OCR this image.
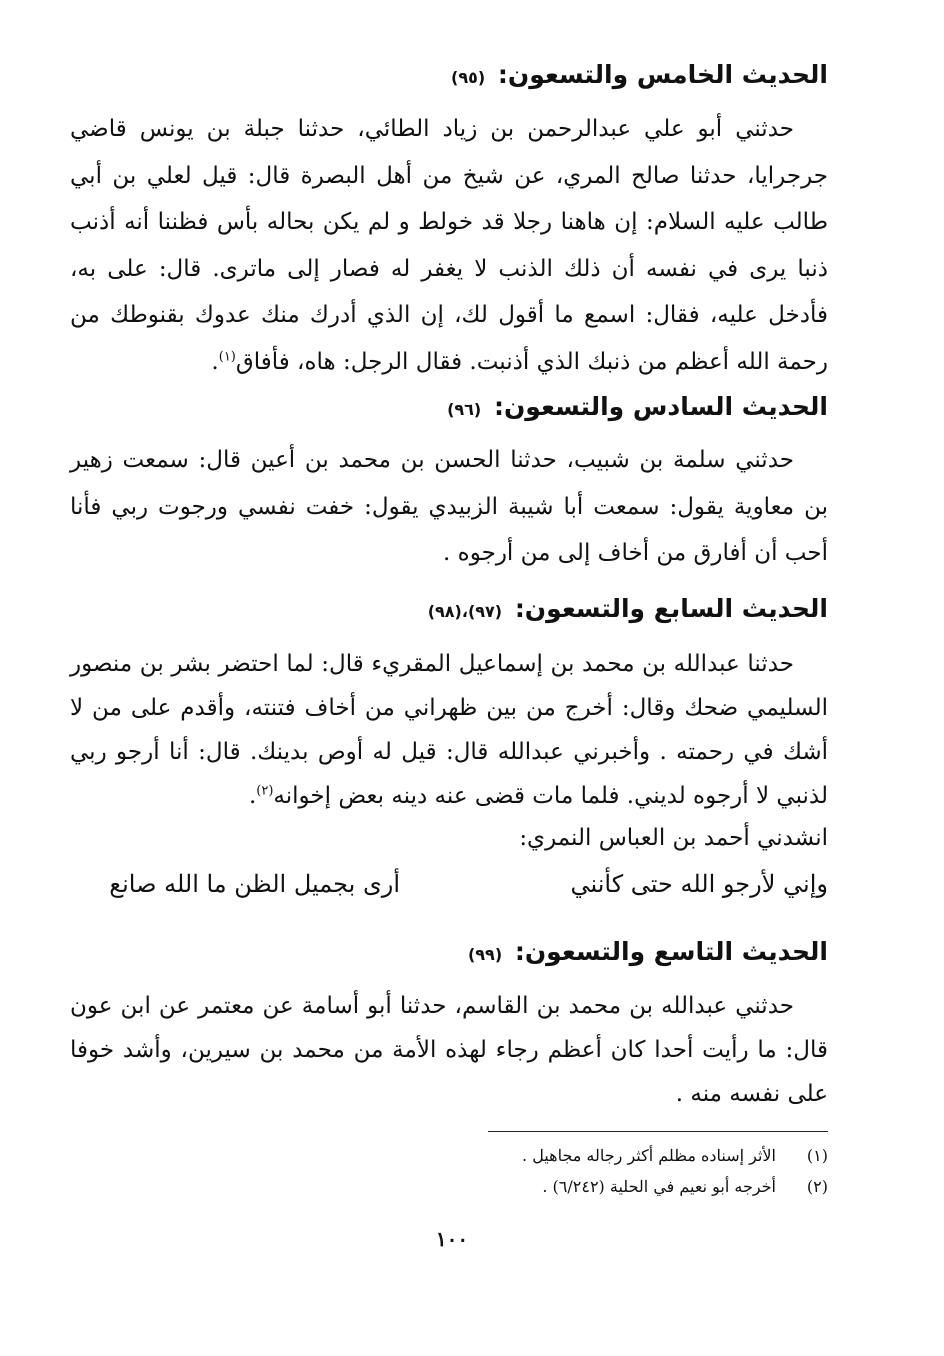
الحديث الخامس والتسعون: (٩٥)

حدثني أبو علي عبدالرحمن بن زياد الطائي، حدثنا جبلة بن يونس قاضي جرجرايا، حدثنا صالح المري، عن شيخ من أهل البصرة قال: قيل لعلي بن أبي طالب عليه السلام: إن هاهنا رجلا قد خولط و لم يكن بحاله بأس فظننا أنه أذنب ذنبا يرى في نفسه أن ذلك الذنب لا يغفر له فصار إلى ماترى. قال: على به، فأدخل عليه، فقال: اسمع ما أقول لك، إن الذي أدرك منك عدوك بقنوطك من رحمة الله أعظم من ذنبك الذي أذنبت. فقال الرجل: هاه، فأفاق$^{(١)}$.

الحديث السادس والتسعون: (٩٦)

حدثني سلمة بن شبيب، حدثنا الحسن بن محمد بن أعين قال: سمعت زهير بن معاوية يقول: سمعت أبا شيبة الزبيدي يقول: خفت نفسي ورجوت ربي فأنا أحب أن أفارق من أخاف إلى من أرجوه .

الحديث السابع والتسعون: (٩٧)،(٩٨)

حدثنا عبدالله بن محمد بن إسماعيل المقريء قال: لما احتضر بشر بن منصور السليمي ضحك وقال: أخرج من بين ظهراني من أخاف فتنته، وأقدم على من لا أشك في رحمته . وأخبرني عبدالله قال: قيل له أوص بدينك. قال: أنا أرجو ربي لذنبي لا أرجوه لديني. فلما مات قضى عنه دينه بعض إخوانه$^{(٢)}$.

انشدني أحمد بن العباس النمري:
وإني لأرجو الله حتى كأنني
أرى بجميل الظن ما الله صانع
الحديث التاسع والتسعون: (٩٩)

حدثني عبدالله بن محمد بن القاسم، حدثنا أبو أسامة عن معتمر عن ابن عون قال: ما رأيت أحدا كان أعظم رجاء لهذه الأمة من محمد بن سيرين، وأشد خوفا على نفسه منه .

(١)الأثر إسناده مظلم أكثر رجاله مجاهيل .
(٢)أخرجه أبو نعيم في الحلية (٦/٢٤٢) .
١٠٠
